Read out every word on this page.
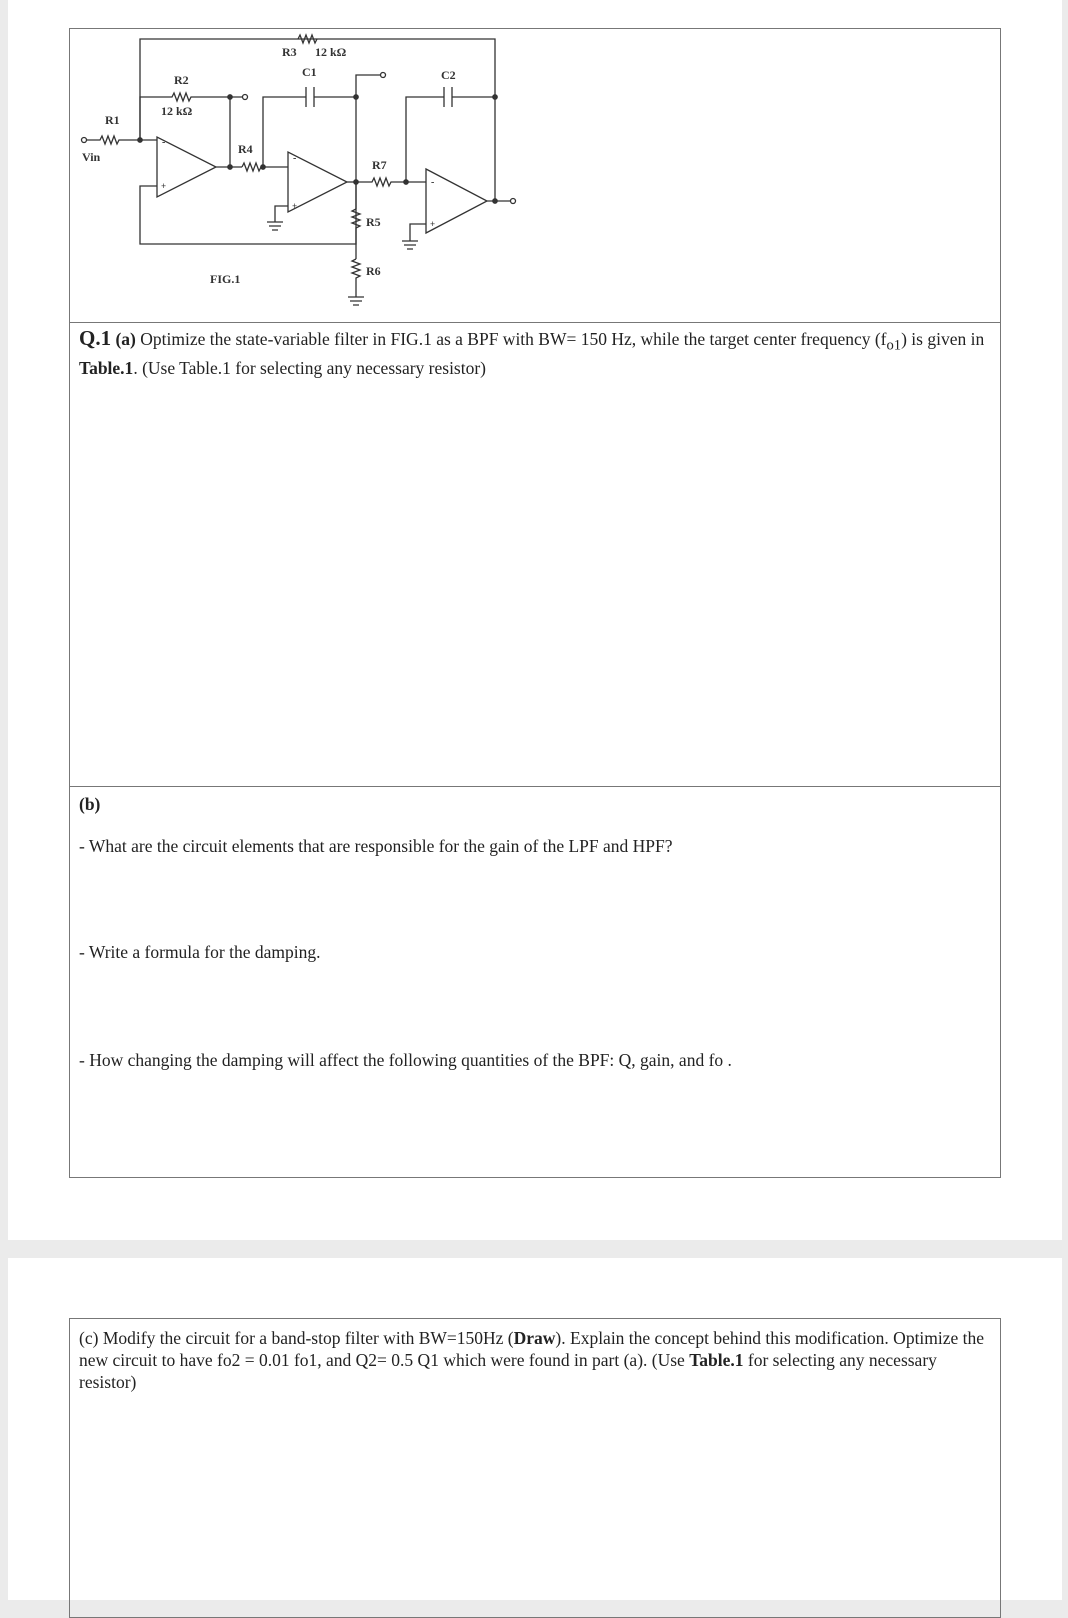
R1
Vin
R2
12 kΩ
R3 12 kΩ
C1	C2
R4
R7
R5
R6
FIG.1
-
+
-
+
-
+

Q.1 (a) Optimize the state-variable filter in FIG.1 as a BPF with BW= 150 Hz, while the target center frequency $(f_{o1})$ is given in Table.1. (Use Table.1 for selecting any necessary resistor)

(b)

- What are the circuit elements that are responsible for the gain of the LPF and HPF?

- Write a formula for the damping.

- How changing the damping will affect the following quantities of the BPF: Q, gain, and fo .

(c) Modify the circuit for a band-stop filter with BW=150Hz (Draw). Explain the concept behind this modification. Optimize the new circuit to have fo2 = 0.01 fo1, and Q2= 0.5 Q1 which were found in part (a). (Use Table.1 for selecting any necessary resistor)
